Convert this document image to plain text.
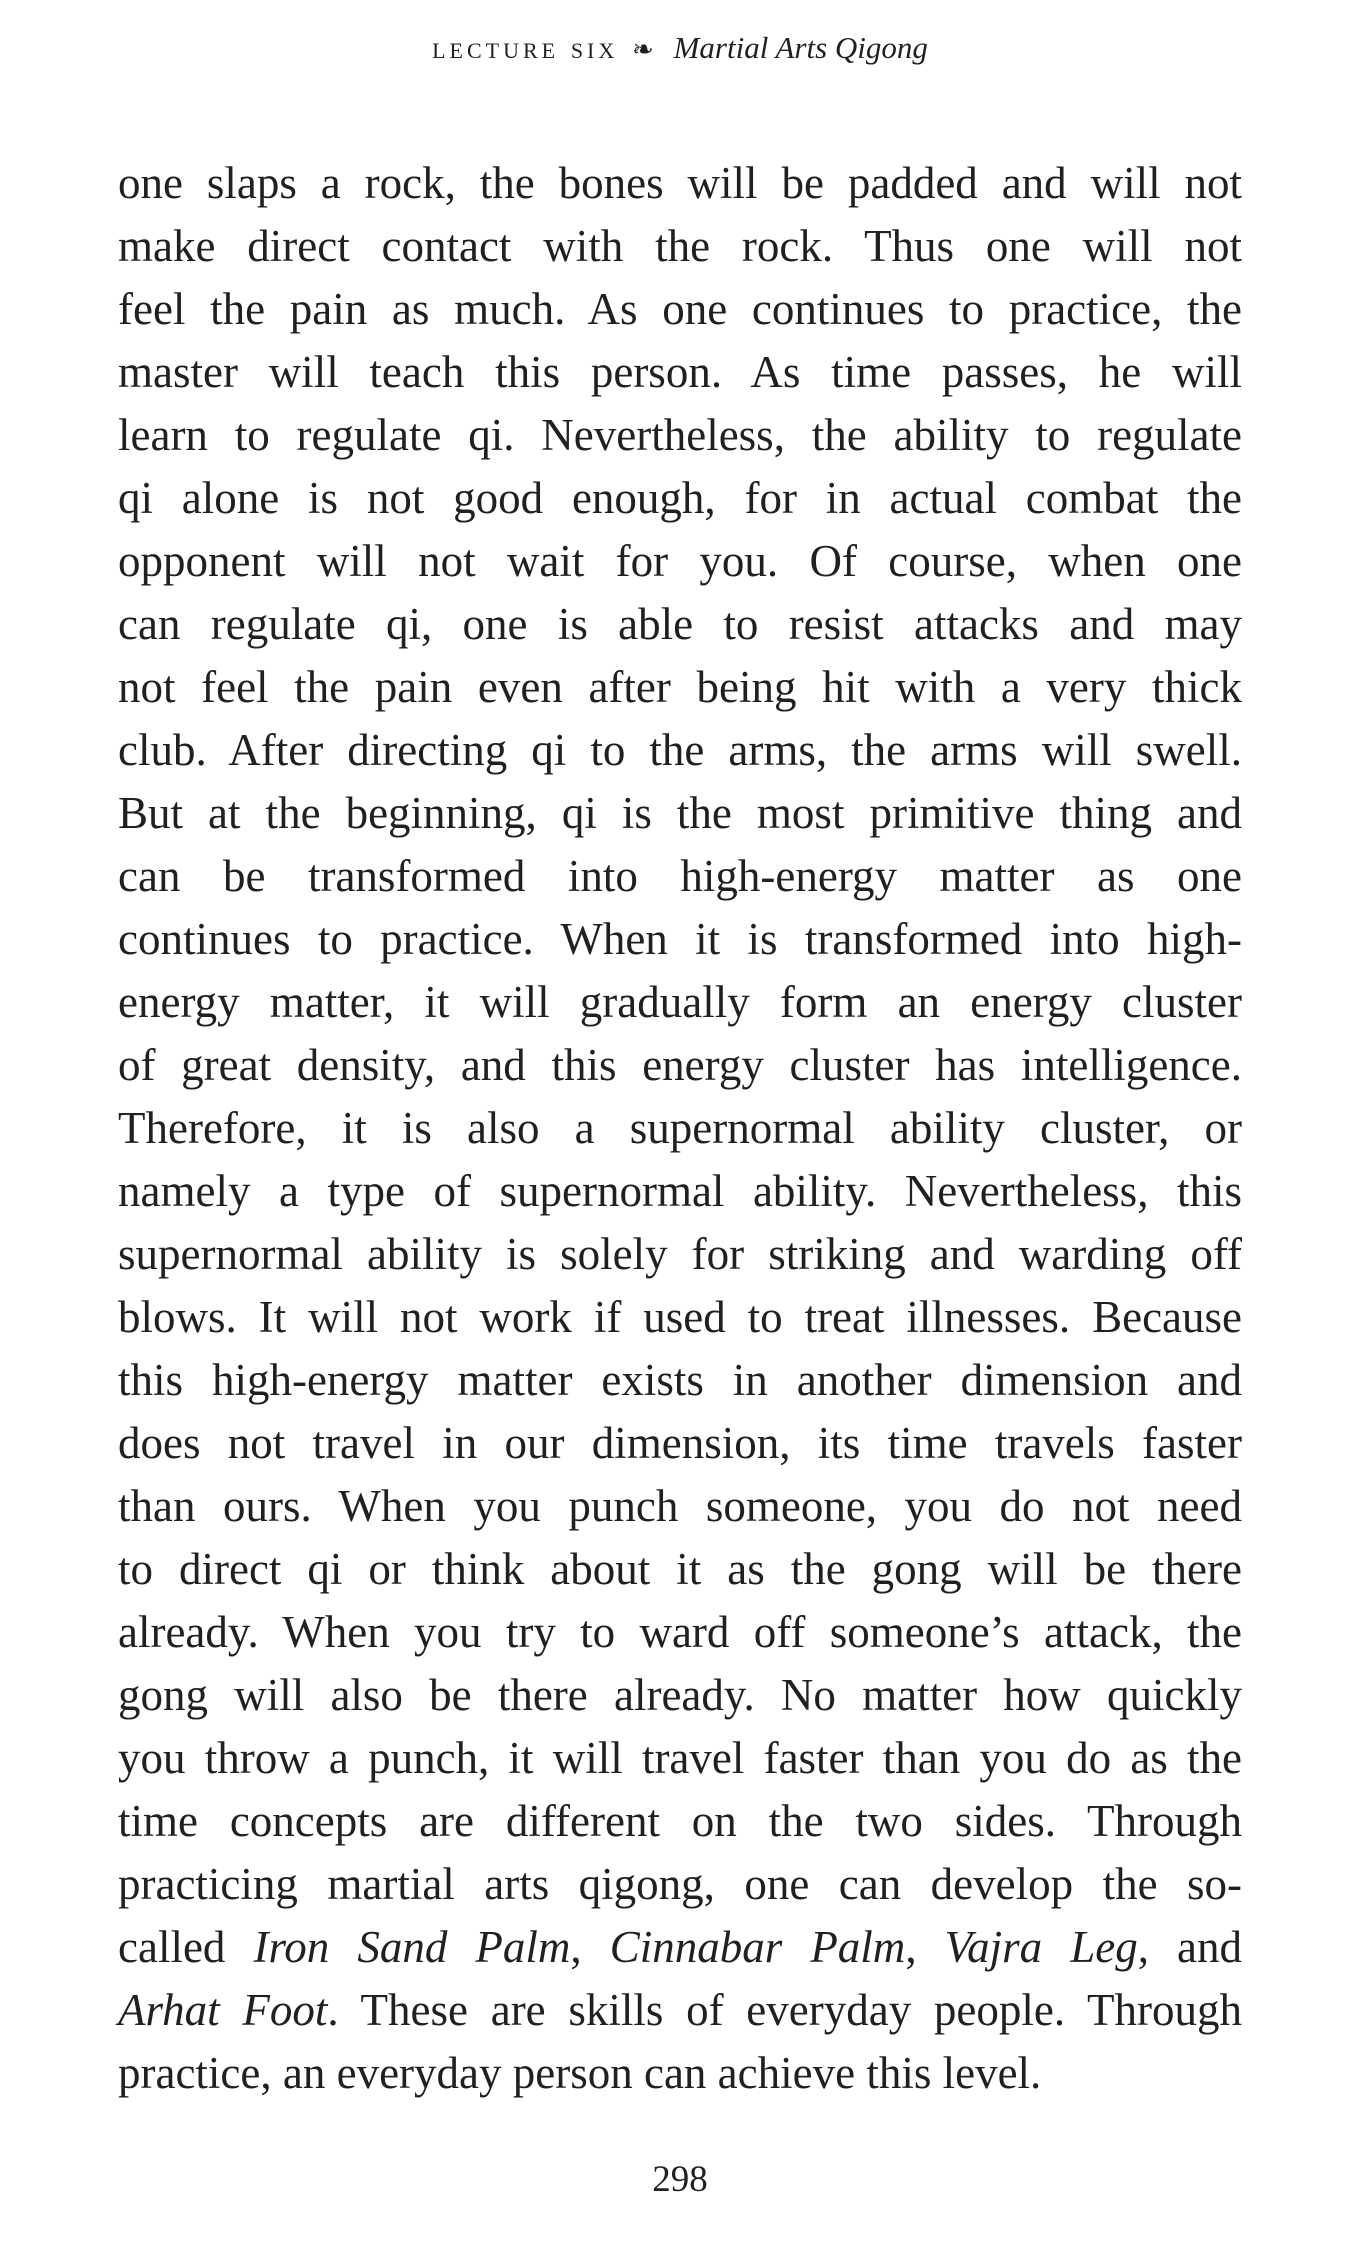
lecture six ❧ Martial Arts Qigong

one slaps a rock, the bones will be padded and will not
make direct contact with the rock. Thus one will not
feel the pain as much. As one continues to practice, the
master will teach this person. As time passes, he will
learn to regulate qi. Nevertheless, the ability to regulate
qi alone is not good enough, for in actual combat the
opponent will not wait for you. Of course, when one
can regulate qi, one is able to resist attacks and may
not feel the pain even after being hit with a very thick
club. After directing qi to the arms, the arms will swell.
But at the beginning, qi is the most primitive thing and
can be transformed into high-energy matter as one
continues to practice. When it is transformed into high-
energy matter, it will gradually form an energy cluster
of great density, and this energy cluster has intelligence.
Therefore, it is also a supernormal ability cluster, or
namely a type of supernormal ability. Nevertheless, this
supernormal ability is solely for striking and warding off
blows. It will not work if used to treat illnesses. Because
this high-energy matter exists in another dimension and
does not travel in our dimension, its time travels faster
than ours. When you punch someone, you do not need
to direct qi or think about it as the gong will be there
already. When you try to ward off someone’s attack, the
gong will also be there already. No matter how quickly
you throw a punch, it will travel faster than you do as the
time concepts are different on the two sides. Through
practicing martial arts qigong, one can develop the so-
called Iron Sand Palm, Cinnabar Palm, Vajra Leg, and
Arhat Foot. These are skills of everyday people. Through
practice, an everyday person can achieve this level.

298
